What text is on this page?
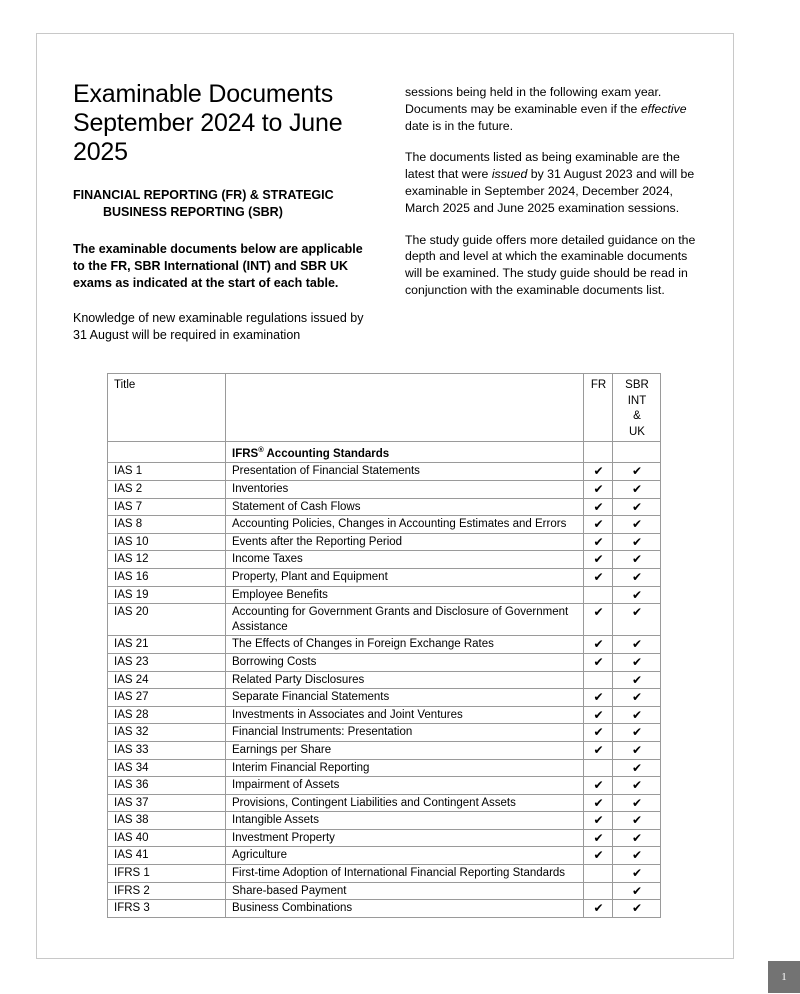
Examinable Documents September 2024 to June 2025
FINANCIAL REPORTING (FR) & STRATEGIC
BUSINESS REPORTING (SBR)

The examinable documents below are applicable to the FR, SBR International (INT) and SBR UK exams as indicated at the start of each table.

Knowledge of new examinable regulations issued by 31 August will be required in examination

sessions being held in the following exam year. Documents may be examinable even if the effective date is in the future.

The documents listed as being examinable are the latest that were issued by 31 August 2023 and will be examinable in September 2024, December 2024, March 2025 and June 2025 examination sessions.

The study guide offers more detailed guidance on the depth and level at which the examinable documents will be examined. The study guide should be read in conjunction with the examinable documents list.

Title		FR	SBR
INT
&
UK

	IFRS® Accounting Standards		
IAS 1	Presentation of Financial Statements	✔	✔
IAS 2	Inventories	✔	✔
IAS 7	Statement of Cash Flows	✔	✔
IAS 8	Accounting Policies, Changes in Accounting Estimates and Errors	✔	✔
IAS 10	Events after the Reporting Period	✔	✔
IAS 12	Income Taxes	✔	✔
IAS 16	Property, Plant and Equipment	✔	✔
IAS 19	Employee Benefits		✔
IAS 20	Accounting for Government Grants and Disclosure of Government Assistance	✔	✔
IAS 21	The Effects of Changes in Foreign Exchange Rates	✔	✔
IAS 23	Borrowing Costs	✔	✔
IAS 24	Related Party Disclosures		✔
IAS 27	Separate Financial Statements	✔	✔
IAS 28	Investments in Associates and Joint Ventures	✔	✔
IAS 32	Financial Instruments: Presentation	✔	✔
IAS 33	Earnings per Share	✔	✔
IAS 34	Interim Financial Reporting		✔
IAS 36	Impairment of Assets	✔	✔
IAS 37	Provisions, Contingent Liabilities and Contingent Assets	✔	✔
IAS 38	Intangible Assets	✔	✔
IAS 40	Investment Property	✔	✔
IAS 41	Agriculture	✔	✔
IFRS 1	First-time Adoption of International Financial Reporting Standards		✔
IFRS 2	Share-based Payment		✔
IFRS 3	Business Combinations	✔	✔
1
